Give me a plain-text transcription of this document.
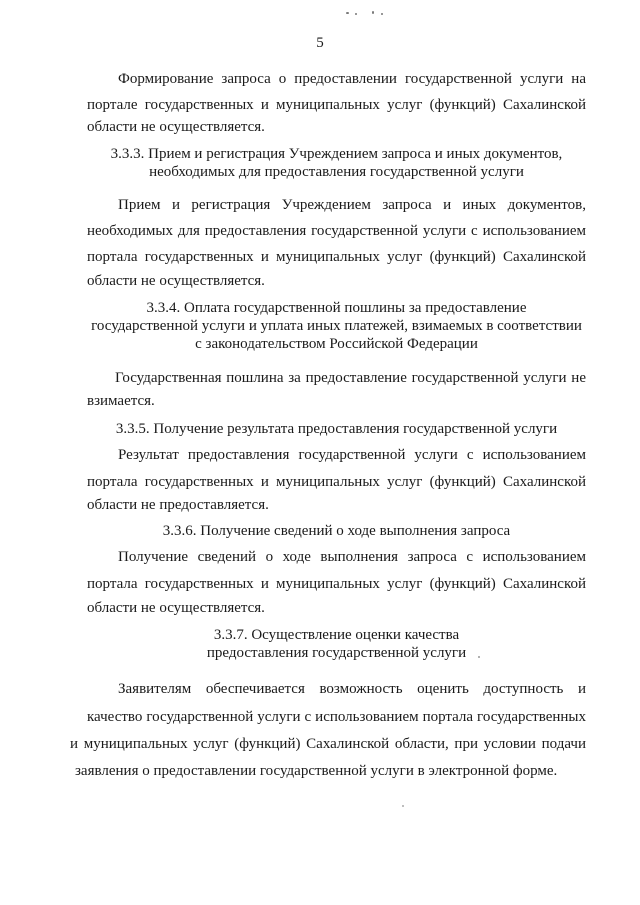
5
Формирование запроса о предоставлении государственной услуги на
портале государственных и муниципальных услуг (функций) Сахалинской
области не осуществляется.
3.3.3. Прием и регистрация Учреждением запроса и иных документов,
необходимых для предоставления государственной услуги
Прием и регистрация Учреждением запроса и иных документов,
необходимых для предоставления государственной услуги с использованием
портала государственных и муниципальных услуг (функций) Сахалинской
области не осуществляется.
3.3.4. Оплата государственной пошлины за предоставление
государственной услуги и уплата иных платежей, взимаемых в соответствии
с законодательством Российской Федерации
Государственная пошлина за предоставление государственной услуги не
взимается.
3.3.5. Получение результата предоставления государственной услуги
Результат предоставления государственной услуги с использованием
портала государственных и муниципальных услуг (функций) Сахалинской
области не предоставляется.
3.3.6. Получение сведений о ходе выполнения запроса
Получение сведений о ходе выполнения запроса с использованием
портала государственных и муниципальных услуг (функций) Сахалинской
области не осуществляется.
3.3.7. Осуществление оценки качества
предоставления государственной услуги
Заявителям обеспечивается возможность оценить доступность и
качество государственной услуги с использованием портала государственных
и муниципальных услуг (функций) Сахалинской области, при условии подачи
заявления о предоставлении государственной услуги в электронной форме.
